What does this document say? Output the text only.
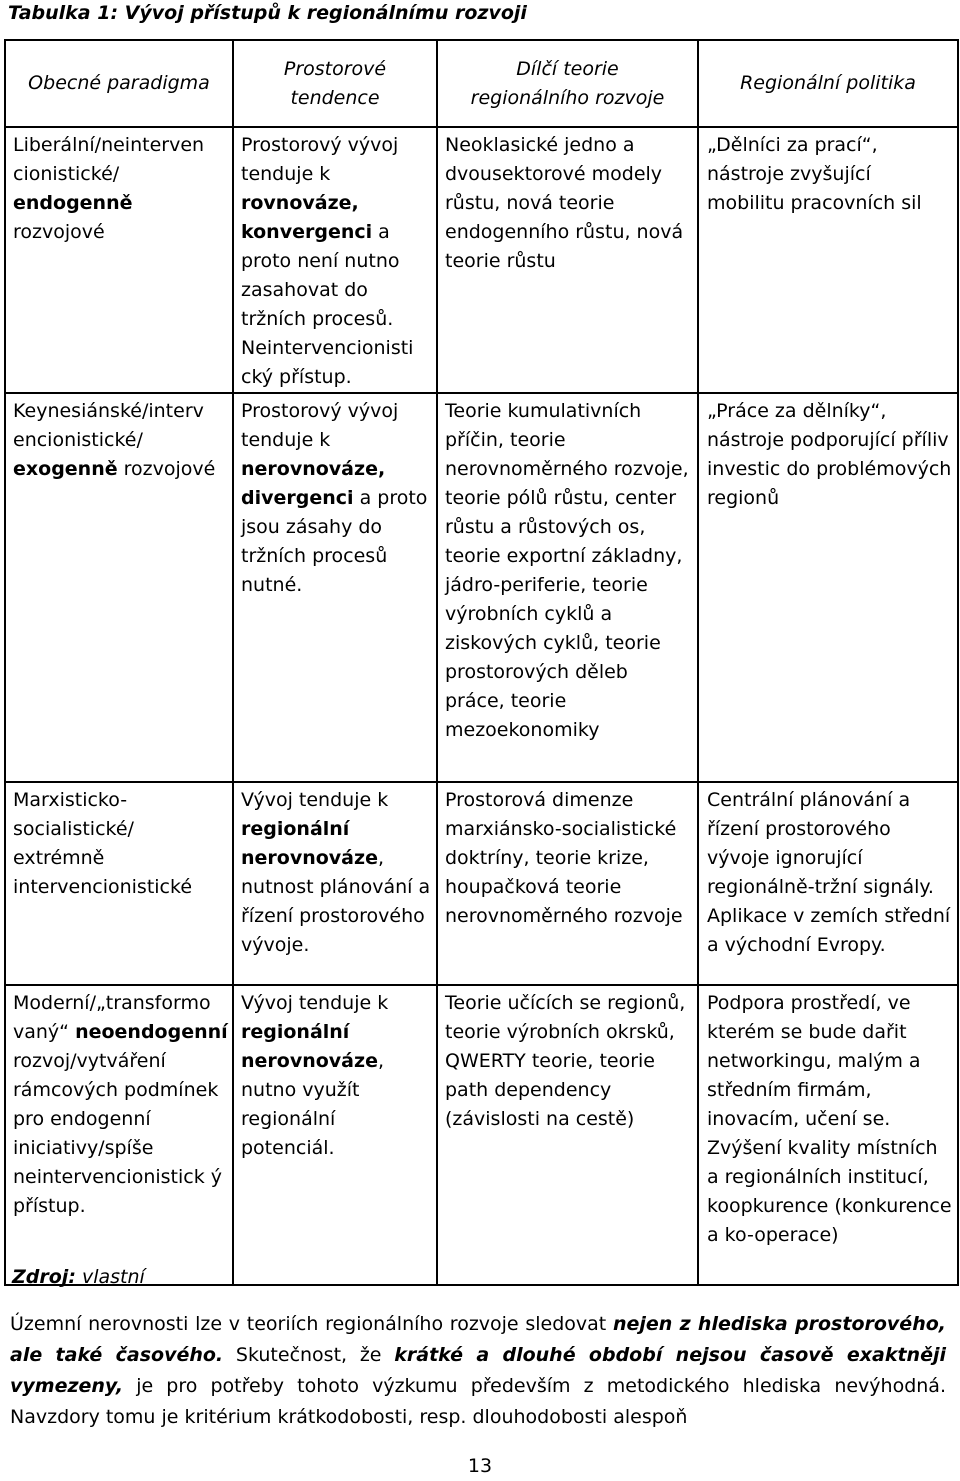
Tabulka 1: Vývoj přístupů k regionálnímu rozvoji
Obecné paradigma	Prostorové tendence	Dílčí teorie regionálního rozvoje	Regionální politika

Liberální/neinterven cionistické/ endogenně rozvojové	Prostorový vývoj tenduje k rovnováze, konvergenci a proto není nutno zasahovat do tržních procesů. Neintervencionisti cký přístup.	Neoklasické jedno a dvousektorové modely růstu, nová teorie endogenního růstu, nová teorie růstu	„Dělníci za prací“, nástroje zvyšující mobilitu pracovních sil

Keynesiánské/interv encionistické/ exogenně rozvojové	Prostorový vývoj tenduje k nerovnováze, divergenci a proto jsou zásahy do tržních procesů nutné.	Teorie kumulativních příčin, teorie nerovnoměrného rozvoje, teorie pólů růstu, center růstu a růstových os, teorie exportní základny, jádro-periferie, teorie výrobních cyklů a ziskových cyklů, teorie prostorových děleb práce, teorie mezoekonomiky	„Práce za dělníky“, nástroje podporující příliv investic do problémových regionů

Marxisticko-socialistické/ extrémně intervencionistické	Vývoj tenduje k regionální nerovnováze, nutnost plánování a řízení prostorového vývoje.	Prostorová dimenze marxiánsko-socialistické doktríny, teorie krize, houpačková teorie nerovnoměrného rozvoje	Centrální plánování a řízení prostorového vývoje ignorující regionálně-tržní signály. Aplikace v zemích střední a východní Evropy.

Moderní/„transformo vaný“ neoendogenní rozvoj/vytváření rámcových podmínek pro endogenní iniciativy/spíše neintervencionistick ý přístup.	Vývoj tenduje k regionální nerovnováze, nutno využít regionální potenciál.	Teorie učících se regionů, teorie výrobních okrsků, QWERTY teorie, teorie path dependency (závislosti na cestě)	Podpora prostředí, ve kterém se bude dařit networkingu, malým a středním firmám, inovacím, učení se. Zvýšení kvality místních a regionálních institucí, koopkurence (konkurence a ko-operace)
Zdroj: vlastní
Územní nerovnosti lze v teoriích regionálního rozvoje sledovat nejen z hlediska prostorového, ale také časového. Skutečnost, že krátké a dlouhé období nejsou časově exaktněji vymezeny, je pro potřeby tohoto výzkumu především z metodického hlediska nevýhodná. Navzdory tomu je kritérium krátkodobosti, resp. dlouhodobosti alespoň
13
